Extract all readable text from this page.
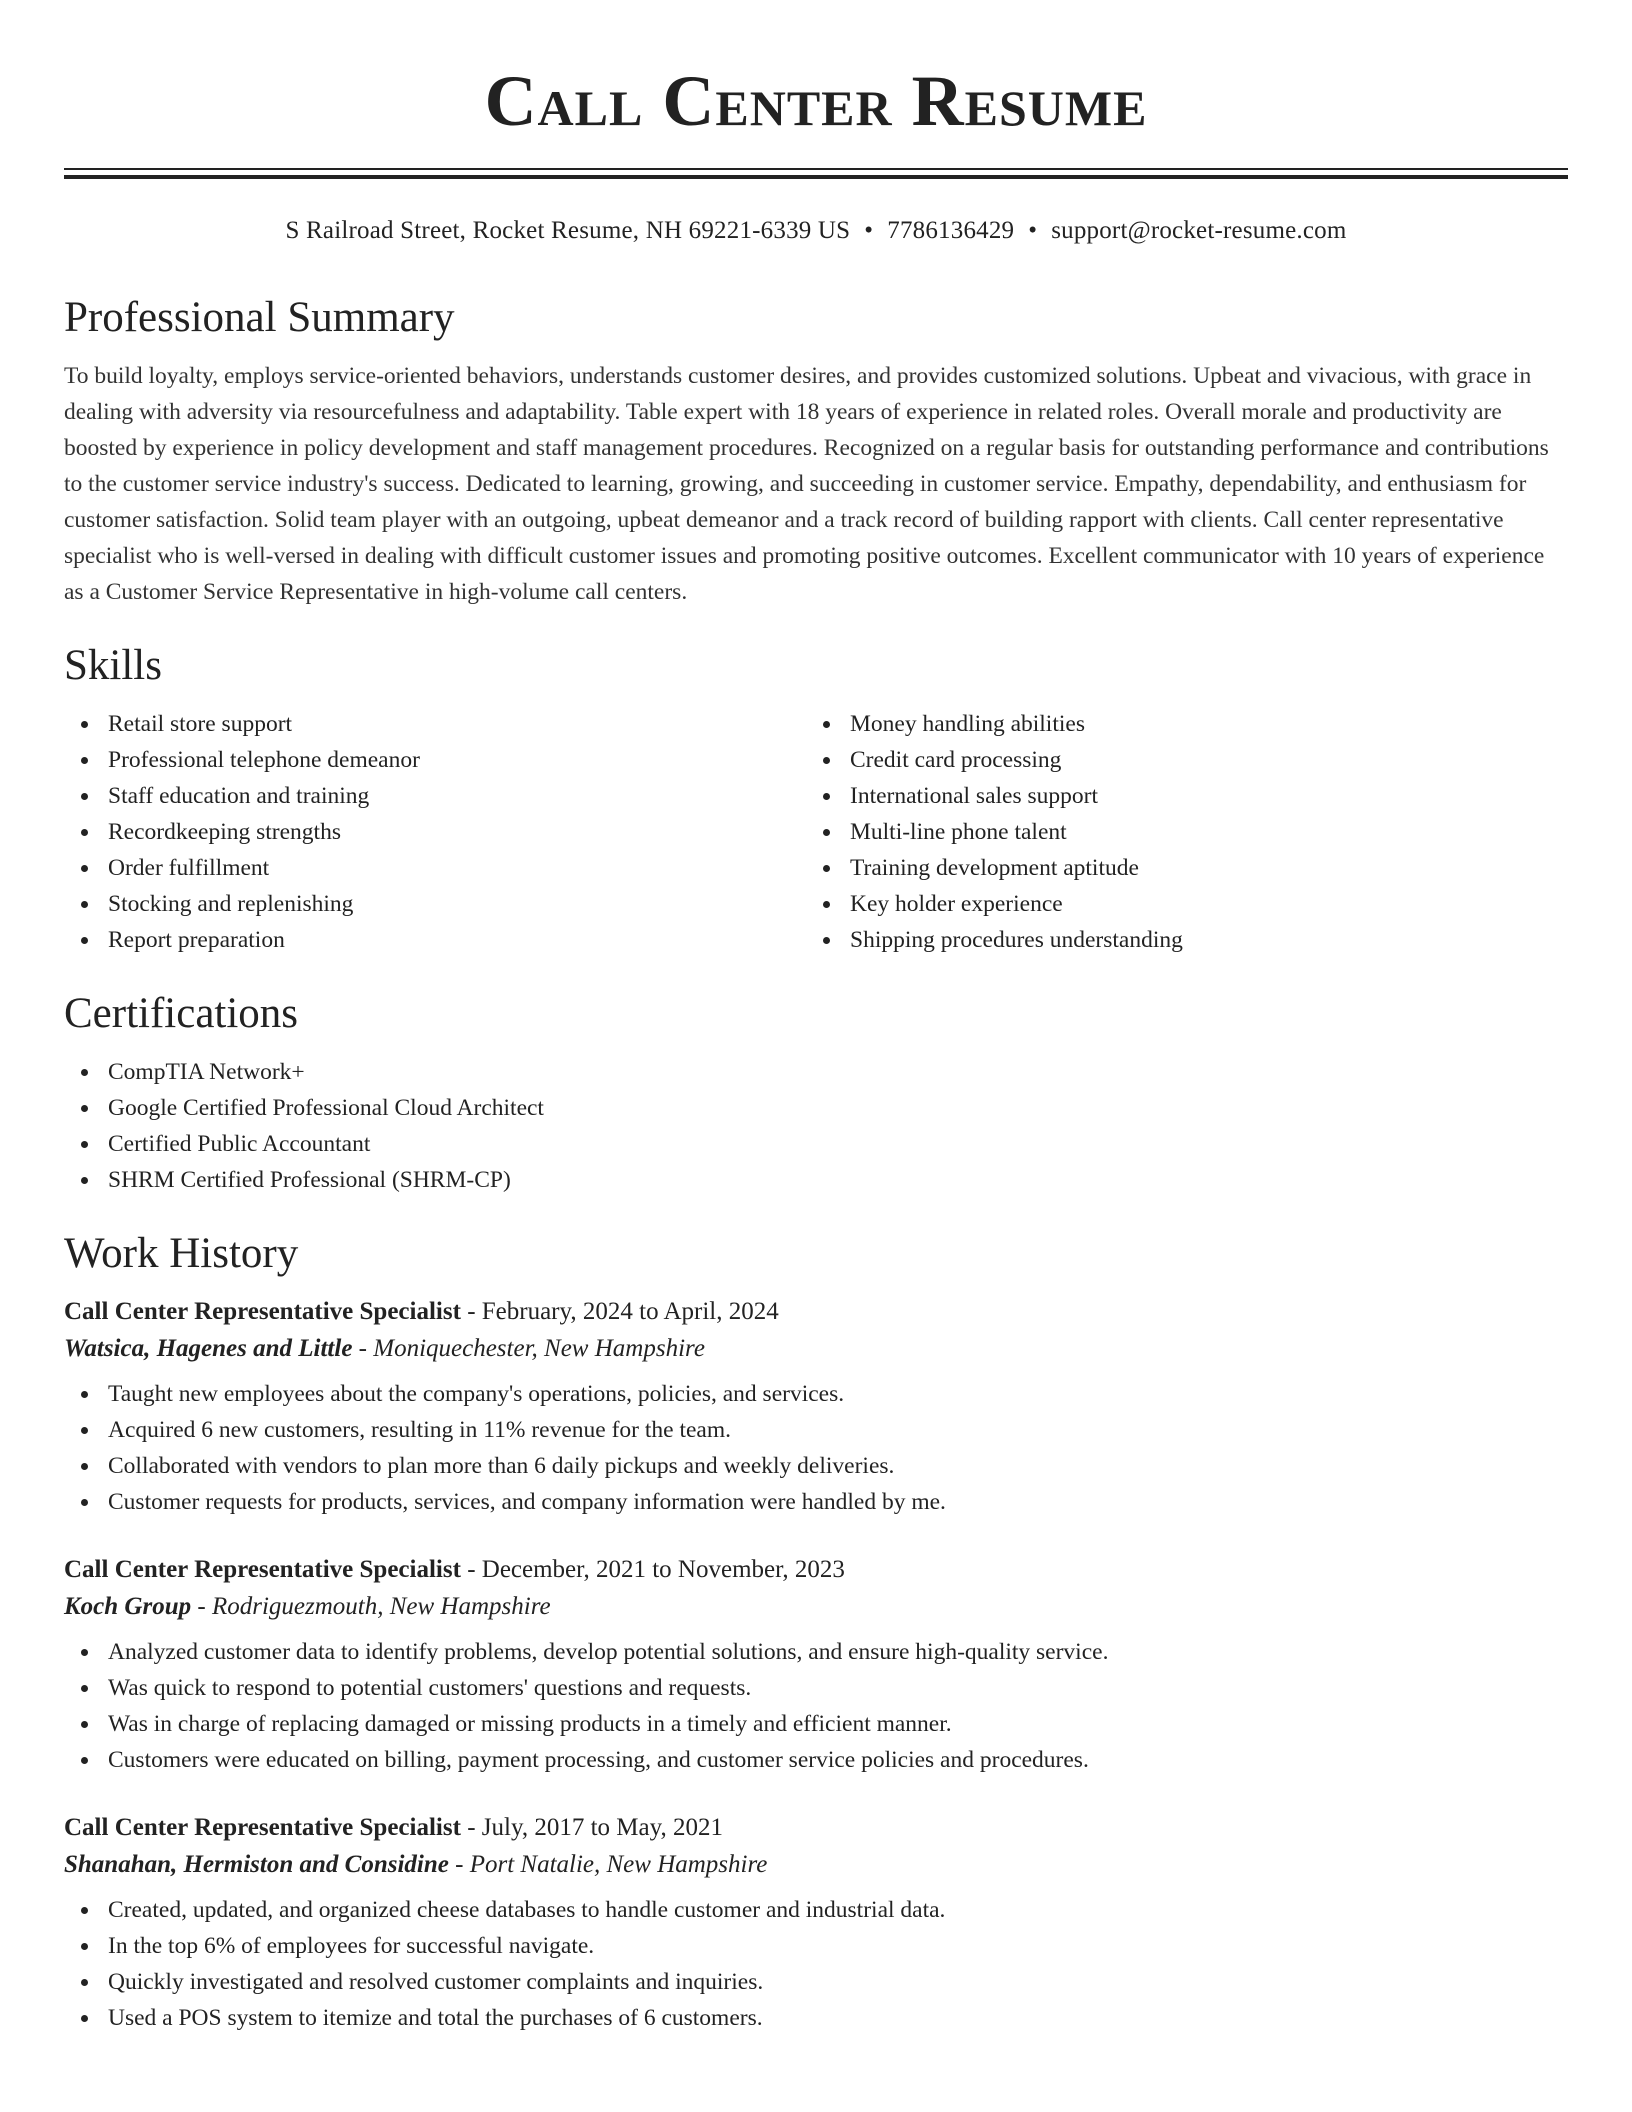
Call Center Resume
S Railroad Street, Rocket Resume, NH 69221-6339 US • 7786136429 • support@rocket-resume.com
Professional Summary

To build loyalty, employs service-oriented behaviors, understands customer desires, and provides customized solutions. Upbeat and vivacious, with grace in dealing with adversity via resourcefulness and adaptability. Table expert with 18 years of experience in related roles. Overall morale and productivity are boosted by experience in policy development and staff management procedures. Recognized on a regular basis for outstanding performance and contributions to the customer service industry's success. Dedicated to learning, growing, and succeeding in customer service. Empathy, dependability, and enthusiasm for customer satisfaction. Solid team player with an outgoing, upbeat demeanor and a track record of building rapport with clients. Call center representative specialist who is well-versed in dealing with difficult customer issues and promoting positive outcomes. Excellent communicator with 10 years of experience as a Customer Service Representative in high-volume call centers.

Skills
Retail store support
Professional telephone demeanor
Staff education and training
Recordkeeping strengths
Order fulfillment
Stocking and replenishing
Report preparation
Money handling abilities
Credit card processing
International sales support
Multi-line phone talent
Training development aptitude
Key holder experience
Shipping procedures understanding
Certifications
CompTIA Network+
Google Certified Professional Cloud Architect
Certified Public Accountant
SHRM Certified Professional (SHRM-CP)
Work History
Call Center Representative Specialist - February, 2024 to April, 2024
Watsica, Hagenes and Little - Moniquechester, New Hampshire
Taught new employees about the company's operations, policies, and services.
Acquired 6 new customers, resulting in 11% revenue for the team.
Collaborated with vendors to plan more than 6 daily pickups and weekly deliveries.
Customer requests for products, services, and company information were handled by me.
Call Center Representative Specialist - December, 2021 to November, 2023
Koch Group - Rodriguezmouth, New Hampshire
Analyzed customer data to identify problems, develop potential solutions, and ensure high-quality service.
Was quick to respond to potential customers' questions and requests.
Was in charge of replacing damaged or missing products in a timely and efficient manner.
Customers were educated on billing, payment processing, and customer service policies and procedures.
Call Center Representative Specialist - July, 2017 to May, 2021
Shanahan, Hermiston and Considine - Port Natalie, New Hampshire
Created, updated, and organized cheese databases to handle customer and industrial data.
In the top 6% of employees for successful navigate.
Quickly investigated and resolved customer complaints and inquiries.
Used a POS system to itemize and total the purchases of 6 customers.
